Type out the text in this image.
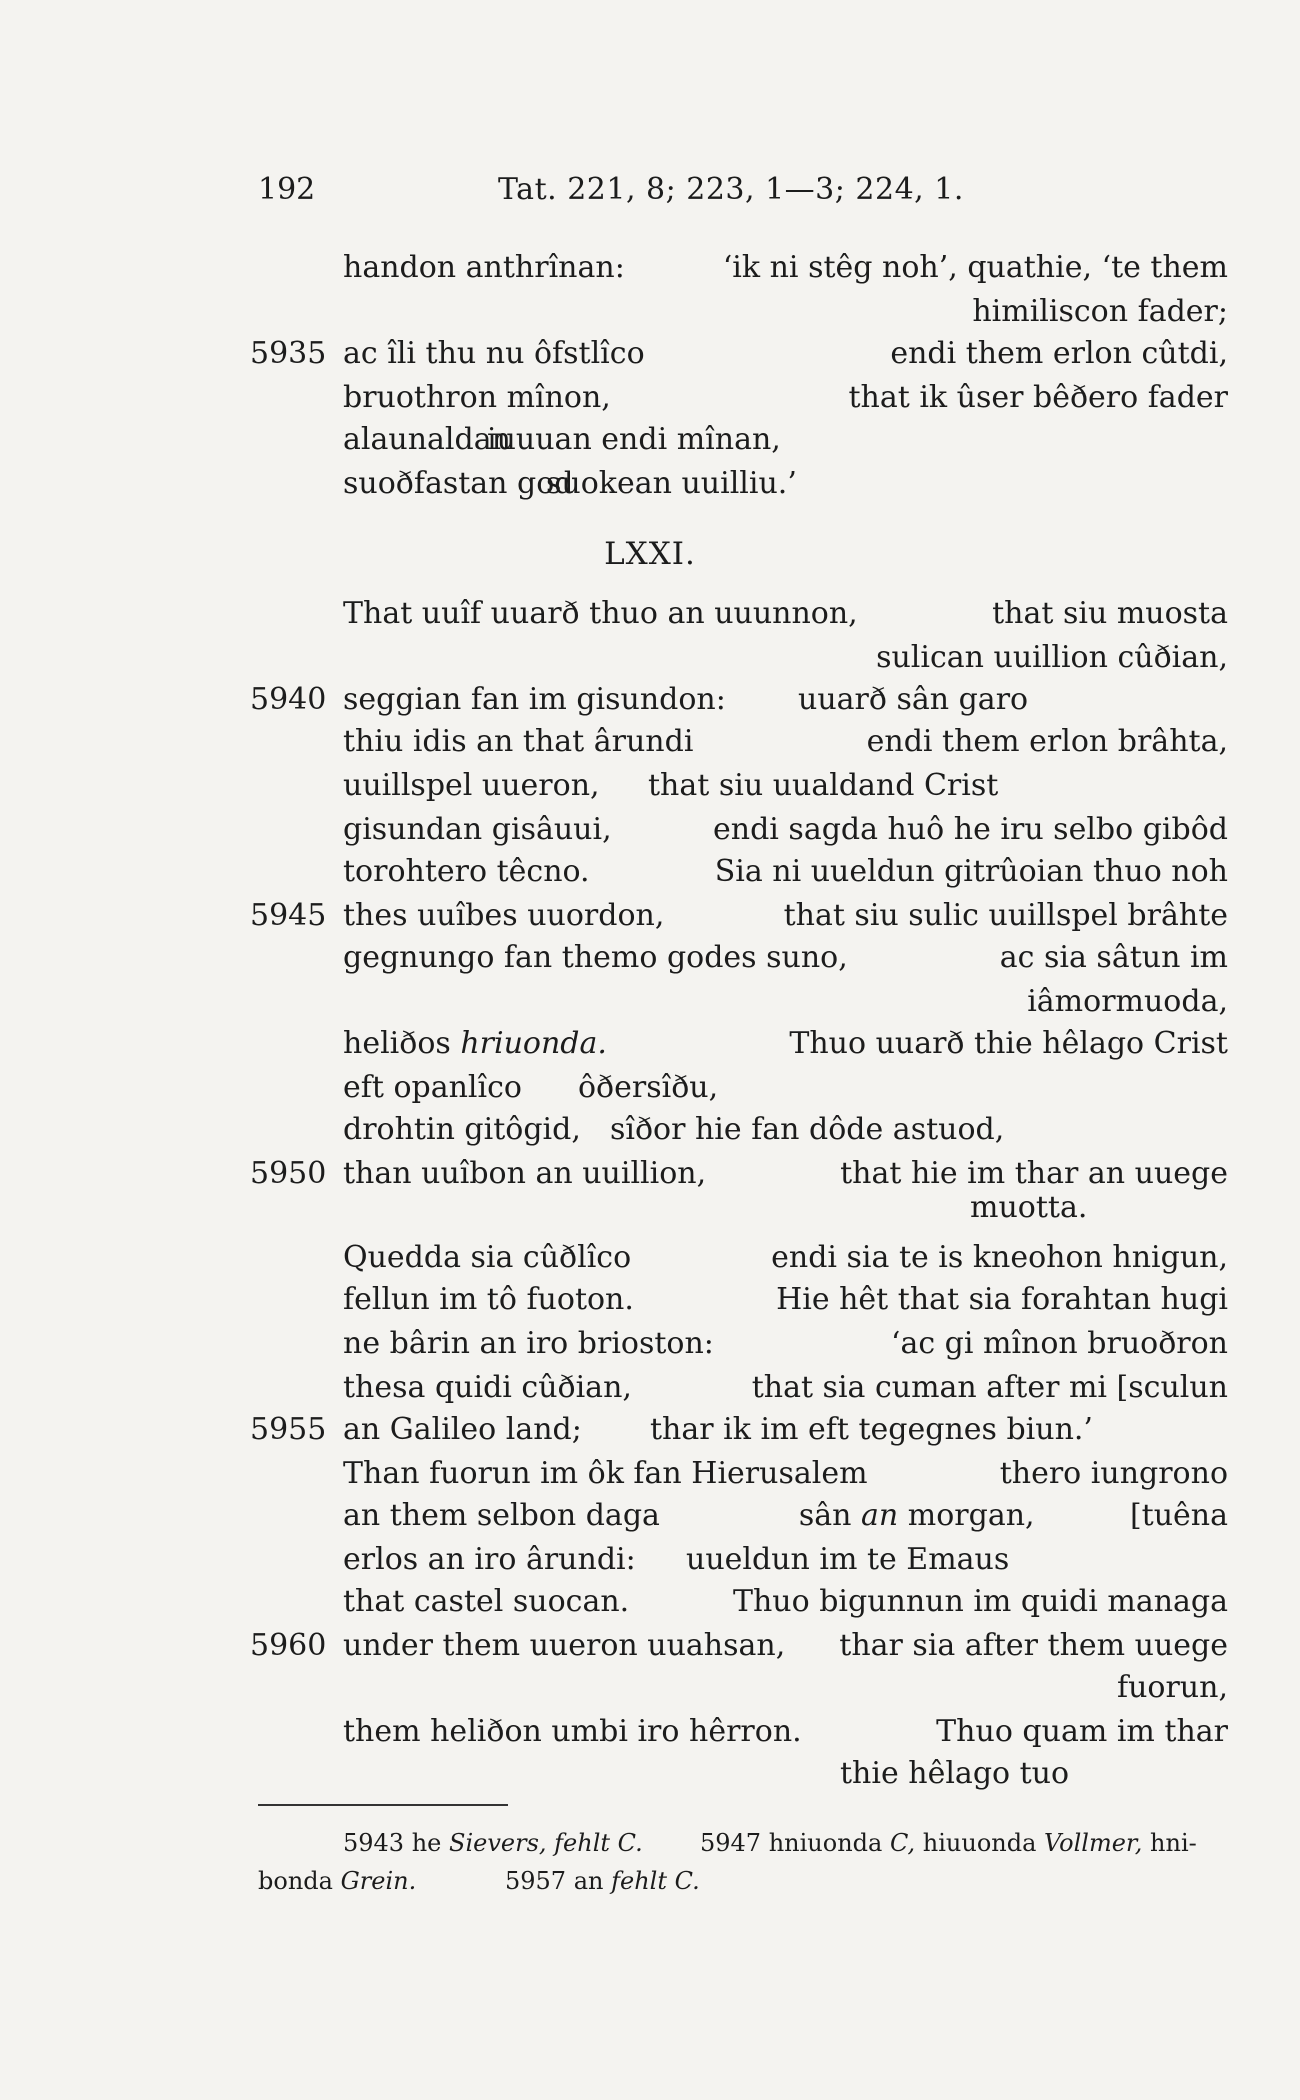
192	Tat. 221, 8; 223, 1—3; 224, 1.
handon anthrînan:	‘ik ni stêg noh’, quathie, ‘te them
himiliscon fader;
5935 ac îli thu nu ôfstlîco	endi them erlon cûtdi,
bruothron mînon,	that ik ûser bêðero fader
alaunaldan
iuuuan endi mînan,
suoðfastan god
suokean uuilliu.’
LXXI.
That uuîf uuarð thuo an uuunnon,	that siu muosta
sulican uuillion cûðian,
5940 seggian fan im gisundon: uuarð sân garo
thiu idis an that ârundi	endi them erlon brâhta,
uuillspel uueron, that siu uualdand Crist
gisundan gisâuui,	endi sagda huô he iru selbo gibôd
torohtero têcno.	Sia ni uueldun gitrûoian thuo noh
5945 thes uuîbes uuordon,	that siu sulic uuillspel brâhte
gegnungo fan themo godes suno,	ac sia sâtun im
iâmormuoda,
heliðos hriuonda.	Thuo uuarð thie hêlago Crist
eft opanlîco ôðersîðu,
drohtin gitôgid, sîðor hie fan dôde astuod,
5950 than uuîbon an uuillion,	that hie im thar an uuege
muotta.
Quedda sia cûðlîco	endi sia te is kneohon hnigun,
fellun im tô fuoton.	Hie hêt that sia forahtan hugi
ne bârin an iro brioston:	‘ac gi mînon bruoðron
thesa quidi cûðian,	that sia cuman after mi [sculun
5955 an Galileo land; thar ik im eft tegegnes biun.’
Than fuorun im ôk fan Hierusalem	thero iungrono
an them selbon daga	sân an morgan,          [tuêna
erlos an iro ârundi: uueldun im te Emaus
that castel suocan.	Thuo bigunnun im quidi managa
5960 under them uueron uuahsan, thar sia after them uuege
fuorun,
them heliðon umbi iro hêrron.	Thuo quam im thar
thie hêlago tuo
5943 he Sievers, fehlt C. 5947 hniuonda C, hiuuonda Vollmer, hni-
bonda Grein.	5957 an fehlt C.
